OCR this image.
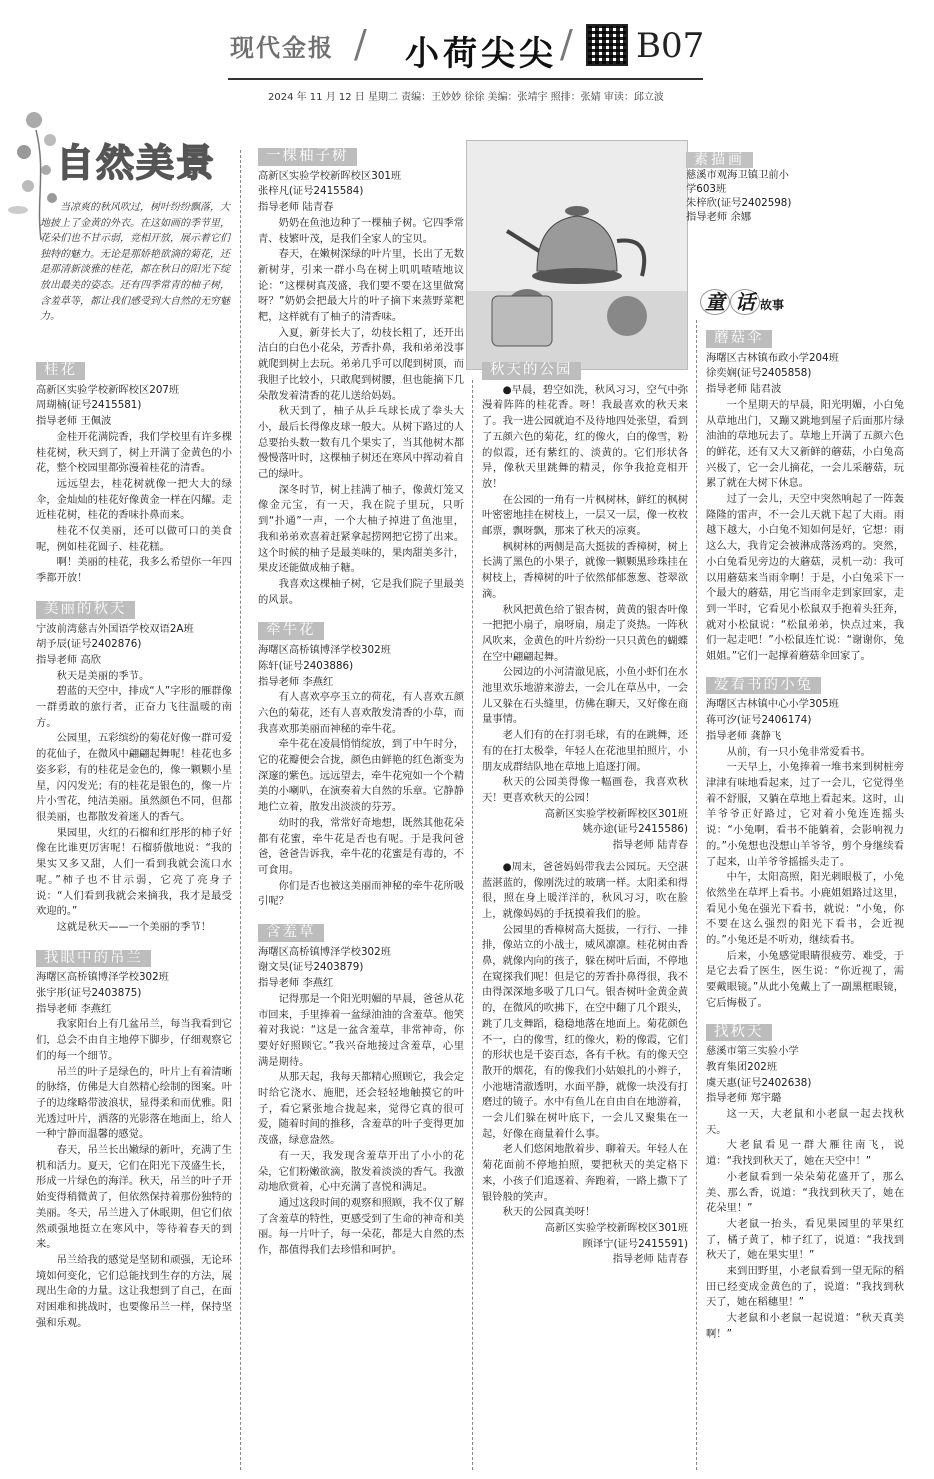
现代金报 / 小荷尖尖 / B07
2024 年 11 月 12 日 星期二 责编：王妙妙 徐徐 美编：张靖宇 照排：张婧 审读：邱立波
自然美景
当凉爽的秋风吹过，树叶纷纷飘落，大地披上了金黄的外衣。在这如画的季节里，花朵们也不甘示弱，竞相开放，展示着它们独特的魅力。无论是那娇艳欲滴的菊花，还是那清新淡雅的桂花，都在秋日的阳光下绽放出最美的姿态。还有四季常青的柚子树，含羞草等，都让我们感受到大自然的无穷魅力。
桂花

高新区实验学校新晖校区207班

周瑚楠(证号2415581)

指导老师 王佩波

金桂开花满院香，我们学校里有许多棵桂花树，秋天到了，树上开满了金黄色的小花，整个校园里都弥漫着桂花的清香。

远远望去，桂花树就像一把大大的绿伞，金灿灿的桂花好像黄金一样在闪耀。走近桂花树，桂花的香味扑鼻而来。

桂花不仅美丽，还可以做可口的美食呢，例如桂花圆子、桂花糕。

啊！美丽的桂花，我多么希望你一年四季都开放！

美丽的秋天

宁波前湾慈吉外国语学校双语2A班

胡予辰(证号2402876)

指导老师 高欣

秋天是美丽的季节。

碧蓝的天空中，排成“人”字形的雁群像一群勇敢的旅行者，正奋力飞往温暖的南方。

公园里，五彩缤纷的菊花好像一群可爱的花仙子，在微风中翩翩起舞呢！桂花也多姿多彩，有的桂花是金色的，像一颗颗小星星，闪闪发光；有的桂花是银色的，像一片片小雪花，纯洁美丽。虽然颜色不同，但都很美丽，也都散发着迷人的香气。

果园里，火红的石榴和红彤彤的柿子好像在比谁更厉害呢！石榴骄傲地说：“我的果实又多又甜，人们一看到我就会流口水呢。”柿子也不甘示弱，它亮了亮身子说：“人们看到我就会来摘我，我才是最受欢迎的。”

这就是秋天——一个美丽的季节！

我眼中的吊兰

海曙区高桥镇博泽学校302班

张宇彤(证号2403875)

指导老师 李燕红

我家阳台上有几盆吊兰，每当我看到它们，总会不由自主地停下脚步，仔细观察它们的每一个细节。

吊兰的叶子是绿色的，叶片上有着清晰的脉络，仿佛是大自然精心绘制的图案。叶子的边缘略带波浪状，显得柔和而优雅。阳光透过叶片，洒落的光影落在地面上，给人一种宁静而温馨的感觉。

春天，吊兰长出嫩绿的新叶，充满了生机和活力。夏天，它们在阳光下茂盛生长，形成一片绿色的海洋。秋天，吊兰的叶子开始变得稍微黄了，但依然保持着那份独特的美丽。冬天，吊兰进入了休眠期，但它们依然顽强地挺立在寒风中，等待着春天的到来。

吊兰给我的感觉是坚韧和顽强，无论环境如何变化，它们总能找到生存的方法，展现出生命的力量。这让我想到了自己，在面对困难和挑战时，也要像吊兰一样，保持坚强和乐观。

一棵柚子树

高新区实验学校新晖校区301班

张梓凡(证号2415584)

指导老师 陆青春

奶奶在鱼池边种了一棵柚子树。它四季常青、枝繁叶茂，是我们全家人的宝贝。

春天，在嫩树深绿的叶片里，长出了无数新树芽，引来一群小鸟在树上叽叽喳喳地议论：“这棵树真茂盛，我们要不要在这里做窝呀？”奶奶会把最大片的叶子摘下来蒸野菜粑粑，这样就有了柚子的清香味。

入夏，新芽长大了，幼枝长粗了，还开出洁白的白色小花朵，芳香扑鼻，我和弟弟没事就爬到树上去玩。弟弟几乎可以爬到树顶，而我胆子比较小，只敢爬到树腰，但也能摘下几朵散发着清香的花儿送给妈妈。

秋天到了，柚子从乒乓球长成了拳头大小，最后长得像皮球一般大。从树下路过的人总要抬头数一数有几个果实了，当其他树木都慢慢落叶时，这棵柚子树还在寒风中挥动着自己的绿叶。

深冬时节，树上挂满了柚子，像黄灯笼又像金元宝，有一天，我在院子里玩，只听到“扑通”一声，一个大柚子掉进了鱼池里，我和弟弟欢喜着赶紧拿起捞网把它捞了出来。这个时候的柚子是最美味的，果肉甜美多汁，果皮还能做成柚子糖。

我喜欢这棵柚子树，它是我们院子里最美的风景。

牵牛花

海曙区高桥镇博泽学校302班

陈轩(证号2403886)

指导老师 李燕红

有人喜欢亭亭玉立的荷花，有人喜欢五颜六色的菊花，还有人喜欢散发清香的小草，而我喜欢那美丽而神秘的牵牛花。

牵牛花在凌晨悄悄绽放，到了中午时分，它的花瓣便会合拢，颜色由鲜艳的红色渐变为深邃的紫色。远远望去，牵牛花宛如一个个精美的小喇叭，在演奏着大自然的乐章。它静静地伫立着，散发出淡淡的芬芳。

幼时的我，常常好奇地想，既然其他花朵都有花蜜，牵牛花是否也有呢。于是我问爸爸，爸爸告诉我，牵牛花的花蜜是有毒的，不可食用。

你们是否也被这美丽而神秘的牵牛花所吸引呢？

含羞草

海曙区高桥镇博泽学校302班

谢文昊(证号2403879)

指导老师 李燕红

记得那是一个阳光明媚的早晨，爸爸从花市回来，手里捧着一盆绿油油的含羞草。他笑着对我说：“这是一盆含羞草，非常神奇，你要好好照顾它。”我兴奋地接过含羞草，心里满是期待。

从那天起，我每天都精心照顾它，我会定时给它浇水、施肥，还会轻轻地触摸它的叶子，看它紧张地合拢起来，觉得它真的很可爱，随着时间的推移，含羞草的叶子变得更加茂盛，绿意盎然。

有一天，我发现含羞草开出了小小的花朵，它们粉嫩欲滴，散发着淡淡的香气。我激动地欣赏着，心中充满了喜悦和满足。

通过这段时间的观察和照顾，我不仅了解了含羞草的特性，更感受到了生命的神奇和美丽。每一片叶子，每一朵花，都是大自然的杰作，都值得我们去珍惜和呵护。

素描画
慈溪市观海卫镇卫前小学603班
朱梓欣(证号2402598)
指导老师 余娜
秋天的公园

●早晨，碧空如洗，秋风习习，空气中弥漫着阵阵的桂花香。呀！我最喜欢的秋天来了。我一进公园就迫不及待地四处张望，看到了五颜六色的菊花，红的像火，白的像雪，粉的似霞，还有紫红的、淡黄的。它们形状各异，像秋天里跳舞的精灵，你争我抢竞相开放！

在公园的一角有一片枫树林，鲜红的枫树叶密密地挂在树枝上，一层又一层，像一枚枚邮票，飘呀飘，那来了秋天的凉爽。

枫树林的两侧是高大挺拔的香樟树，树上长满了黑色的小果子，就像一颗颗黑珍珠挂在树枝上，香樟树的叶子依然郁郁葱葱、苍翠欲滴。

秋风把黄色给了银杏树，黄黄的银杏叶像一把把小扇子，扇呀扇，扇走了炎热。一阵秋风吹来，金黄色的叶片纷纷一只只黄色的蝴蝶在空中翩翩起舞。

公园边的小河清澈见底，小鱼小虾们在水池里欢乐地游来游去，一会儿在草丛中，一会儿又躲在石头缝里，仿佛在聊天，又好像在商量事情。

老人们有的在打羽毛球，有的在跳舞，还有的在打太极拳，年轻人在花池里拍照片，小朋友成群结队地在草地上追逐打闹。

秋天的公园美得像一幅画卷，我喜欢秋天！更喜欢秋天的公园！

高新区实验学校新晖校区301班

姚亦途(证号2415586)

指导老师 陆青春

●周末，爸爸妈妈带我去公园玩。天空湛蓝湛蓝的，像刚洗过的玻璃一样。太阳柔和得很，照在身上暖洋洋的，秋风习习，吹在脸上，就像妈妈的手抚摸着我们的脸。

公园里的香樟树高大挺拔，一行行、一排排，像站立的小战士，威风凛凛。桂花树由香鼻，就像内向的孩子，躲在树叶后面，不停地在窥探我们呢！但是它的芳香扑鼻得很，我不由得深深地多吸了几口气。银杏树叶金黄金黄的，在微风的吹拂下，在空中翻了几个跟头，跳了几支舞蹈，稳稳地落在地面上。菊花颜色不一，白的像雪，红的像火，粉的像霞，它们的形状也是千姿百态，各有千秋。有的像天空散开的烟花，有的像我们小姑娘扎的小辫子，小池塘清澈透明，水面平静，就像一块没有打磨过的镜子。水中有鱼儿在自由自在地游着，一会儿们躲在树叶底下，一会儿又聚集在一起，好像在商量着什么事。

老人们悠闲地散着步、聊着天。年轻人在菊花面前不停地拍照，要把秋天的美定格下来，小孩子们追逐着、奔跑着，一路上撒下了银铃般的笑声。

秋天的公园真美呀！

高新区实验学校新晖校区301班

顾译宁(证号2415591)

指导老师 陆青春

童 话 故事
蘑菇伞

海曙区古林镇布政小学204班

徐奕娴(证号2405858)

指导老师 陆君波

一个星期天的早晨，阳光明媚，小白兔从草地出门，又蹦又跳地到屋子后面那片绿油油的草地玩去了。草地上开满了五颜六色的鲜花，还有又大又新鲜的蘑菇，小白兔高兴极了，它一会儿摘花，一会儿采蘑菇，玩累了就在大树下休息。

过了一会儿，天空中突然响起了一阵轰隆隆的雷声，不一会儿天就下起了大雨。雨越下越大，小白兔不知如何是好，它想：雨这么大，我肯定会被淋成落汤鸡的。突然，小白兔看见旁边的大蘑菇，灵机一动：我可以用蘑菇来当雨伞啊！于是，小白兔采下一个最大的蘑菇，用它当雨伞走到家回家，走到一半时，它看见小松鼠双手抱着头狂奔，就对小松鼠说：“松鼠弟弟，快点过来，我们一起走吧！”小松鼠连忙说：“谢谢你，兔姐姐。”它们一起撑着蘑菇伞回家了。

爱看书的小兔

海曙区古林镇中心小学305班

蒋可汐(证号2406174)

指导老师 龚静飞

从前，有一只小兔非常爱看书。

一天早上，小兔捧着一堆书来到树桩旁津津有味地看起来，过了一会儿，它觉得坐着不舒服，又躺在草地上看起来。这时，山羊爷爷正好路过，它对着小兔连连摇头说：“小兔啊，看书不能躺着，会影响视力的。”小兔想也没想山羊爷爷，剪个身继续看了起来，山羊爷爷摇摇头走了。

中午，太阳高照，阳光刺眼极了，小兔依然坐在草坪上看书。小鹿姐姐路过这里，看见小兔在强光下看书，就说：“小兔，你不要在这么强烈的阳光下看书，会近视的。”小兔还是不听劝，继续看书。

后来，小兔感觉眼睛很疲劳、难受，于是它去看了医生，医生说：“你近视了，需要戴眼镜。”从此小兔戴上了一副黑框眼镜，它后悔极了。

找秋天

慈溪市第三实验小学

教育集团202班

虞天惠(证号2402638)

指导老师 郑宇璐

这一天，大老鼠和小老鼠一起去找秋天。

大老鼠看见一群大雁往南飞，说道：“我找到秋天了，她在天空中！”

小老鼠看到一朵朵菊花盛开了，那么美、那么香，说道：“我找到秋天了，她在花朵里！”

大老鼠一抬头，看见果园里的苹果红了，橘子黄了，柿子红了，说道：“我找到秋天了，她在果实里！”

来到田野里，小老鼠看到一望无际的稻田已经变成金黄色的了，说道：“我找到秋天了，她在稻穗里！”

大老鼠和小老鼠一起说道：“秋天真美啊！”
